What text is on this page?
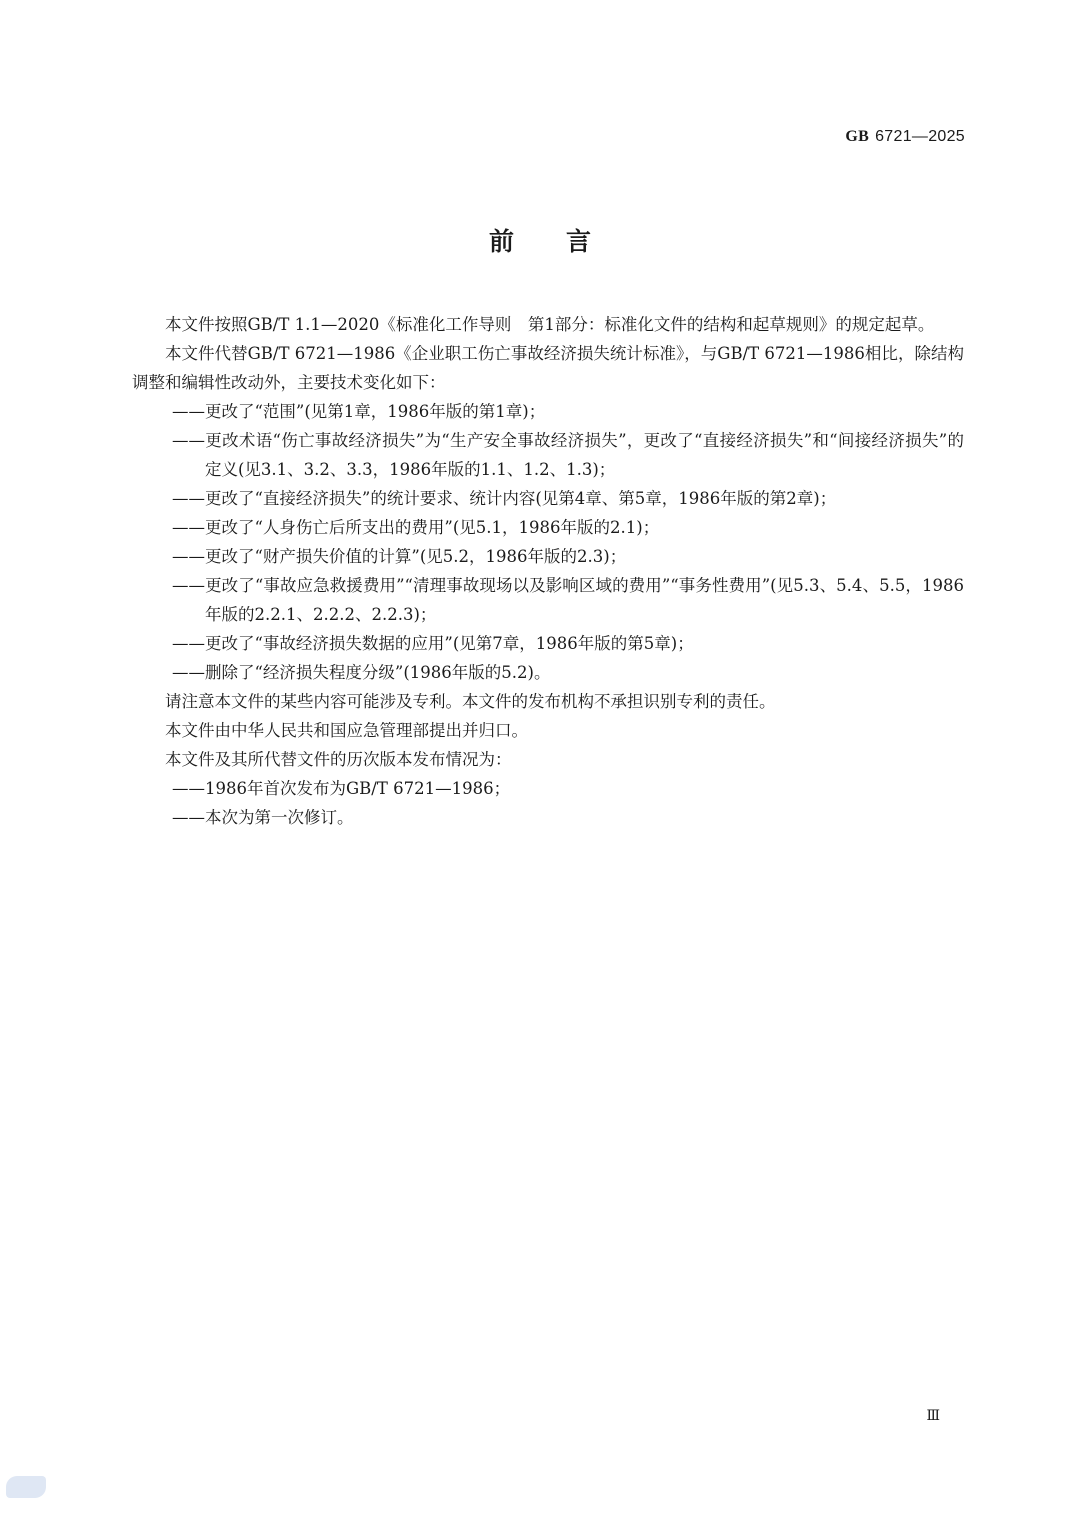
GB 6721—2025
前言

本文件按照GB/T 1.1—2020《标准化工作导则　第1部分：标准化文件的结构和起草规则》的规定起草。

本文件代替GB/T 6721—1986《企业职工伤亡事故经济损失统计标准》，与GB/T 6721—1986相比，除结构调整和编辑性改动外，主要技术变化如下：

——更改了“范围”(见第1章，1986年版的第1章)；

——更改术语“伤亡事故经济损失”为“生产安全事故经济损失”，更改了“直接经济损失”和“间接经济损失”的定义(见3.1、3.2、3.3，1986年版的1.1、1.2、1.3)；

——更改了“直接经济损失”的统计要求、统计内容(见第4章、第5章，1986年版的第2章)；

——更改了“人身伤亡后所支出的费用”(见5.1，1986年版的2.1)；

——更改了“财产损失价值的计算”(见5.2，1986年版的2.3)；

——更改了“事故应急救援费用”“清理事故现场以及影响区域的费用”“事务性费用”(见5.3、5.4、5.5，1986年版的2.2.1、2.2.2、2.2.3)；

——更改了“事故经济损失数据的应用”(见第7章，1986年版的第5章)；

——删除了“经济损失程度分级”(1986年版的5.2)。

请注意本文件的某些内容可能涉及专利。本文件的发布机构不承担识别专利的责任。

本文件由中华人民共和国应急管理部提出并归口。

本文件及其所代替文件的历次版本发布情况为：

——1986年首次发布为GB/T 6721—1986；

——本次为第一次修订。

Ⅲ
